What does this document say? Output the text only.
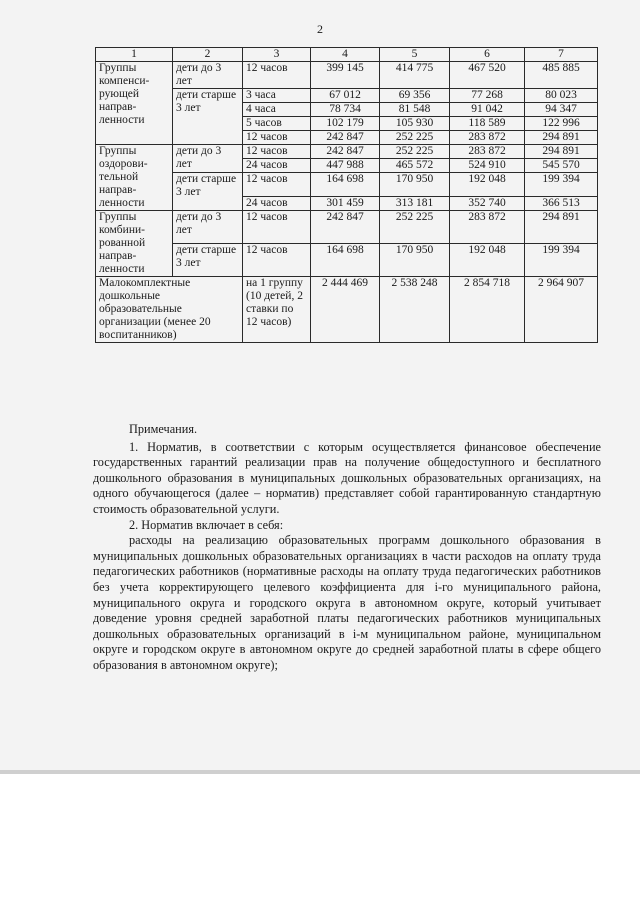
2
1	2	3	4	5	6	7
Группы компенси-рующей направ-ленности	дети до 3 лет	12 часов	399 145	414 775	467 520	485 885
	дети старше 3 лет	3 часа	67 012	69 356	77 268	80 023
		4 часа	78 734	81 548	91 042	94 347
		5 часов	102 179	105 930	118 589	122 996
		12 часов	242 847	252 225	283 872	294 891
Группы оздорови-тельной направ-ленности	дети до 3 лет	12 часов	242 847	252 225	283 872	294 891
		24 часов	447 988	465 572	524 910	545 570
	дети старше 3 лет	12 часов	164 698	170 950	192 048	199 394
		24 часов	301 459	313 181	352 740	366 513
Группы комбини-рованной направ-ленности	дети до 3 лет	12 часов	242 847	252 225	283 872	294 891
	дети старше 3 лет	12 часов	164 698	170 950	192 048	199 394
Малокомплектные дошкольные образовательные организации (менее 20 воспитанников)		на 1 группу (10 детей, 2 ставки по 12 часов)	2 444 469	2 538 248	2 854 718	2 964 907

Примечания.

1. Норматив, в соответствии с которым осуществляется финансовое обеспечение государственных гарантий реализации прав на получение общедоступного и бесплатного дошкольного образования в муниципальных дошкольных образовательных организациях, на одного обучающегося (далее – норматив) представляет собой гарантированную стандартную стоимость образовательной услуги.

2. Норматив включает в себя:

расходы на реализацию образовательных программ дошкольного образования в муниципальных дошкольных образовательных организациях в части расходов на оплату труда педагогических работников (нормативные расходы на оплату труда педагогических работников без учета корректирующего целевого коэффициента для i-го муниципального района, муниципального округа и городского округа в автономном округе, который учитывает доведение уровня средней заработной платы педагогических работников муниципальных дошкольных образовательных организаций в i-м муниципальном районе, муниципальном округе и городском округе в автономном округе до средней заработной платы в сфере общего образования в автономном округе);
